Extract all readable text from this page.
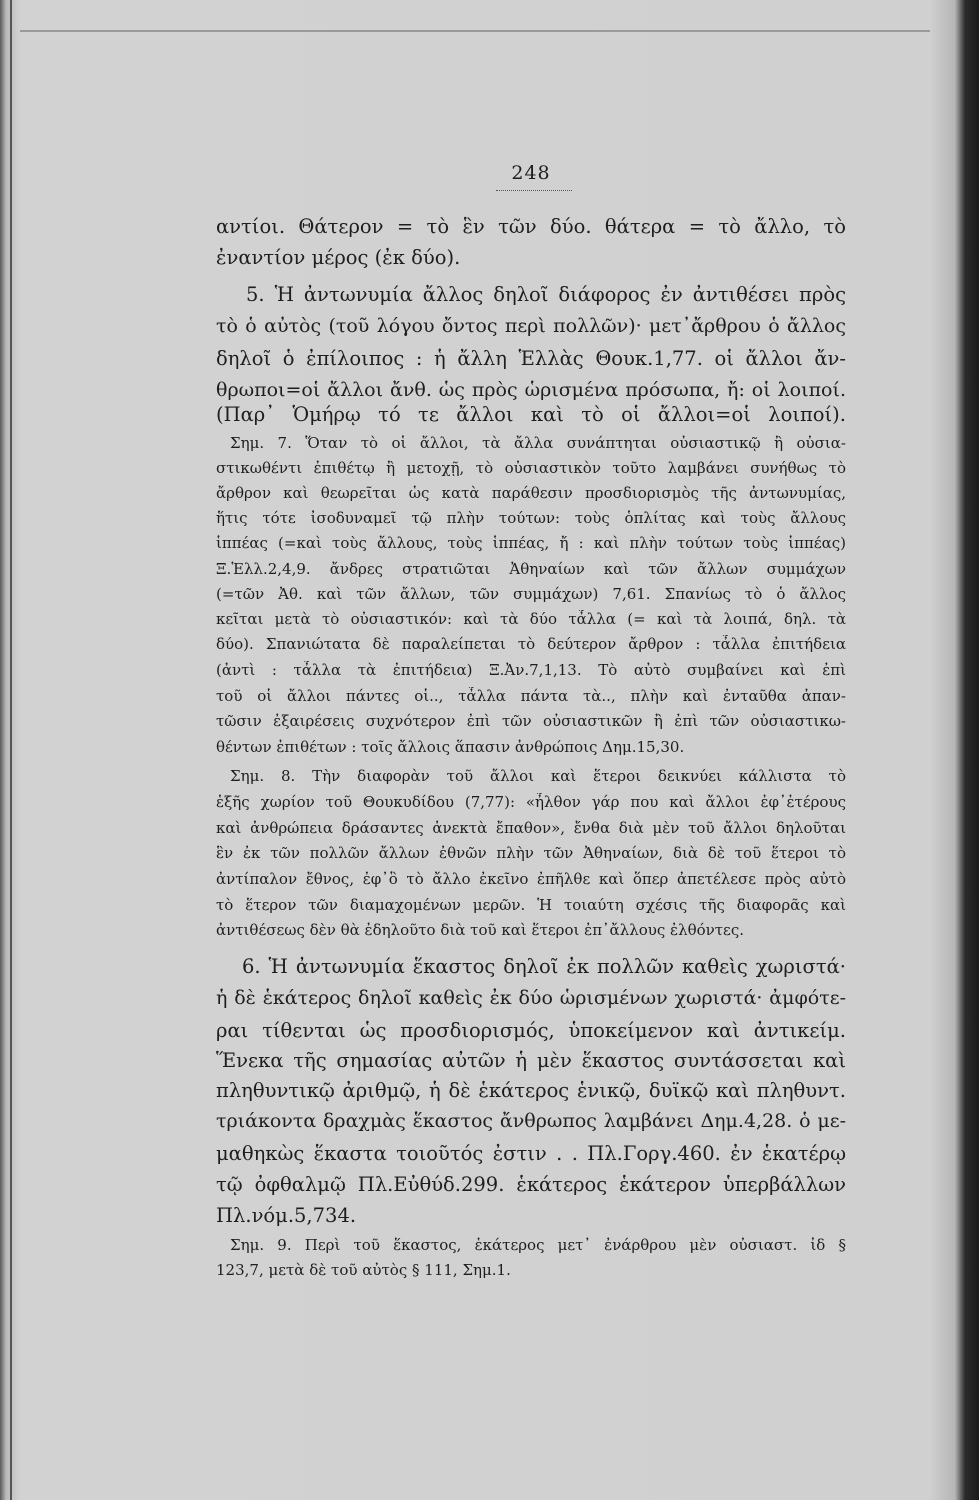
248
αντίοι. Θάτερον = τὸ ἓν τῶν δύο. θάτερα = τὸ ἄλλο, τὸ
ἐναντίον μέρος (ἐκ δύο).
5. Ἡ ἀντωνυμία ἄλλος δηλοῖ διάφορος ἐν ἀντιθέσει πρὸς
τὸ ὁ αὐτὸς (τοῦ λόγου ὄντος περὶ πολλῶν)· μετ᾽ἄρθρου ὁ ἄλλος
δηλοῖ ὁ ἐπίλοιπος : ἡ ἄλλη Ἑλλὰς Θουκ.1,77. οἱ ἄλλοι ἄν-
θρωποι=οἱ ἄλλοι ἄνθ. ὡς πρὸς ὡρισμένα πρόσωπα, ἤ: οἱ λοιποί.
(Παρ᾽ Ὁμήρῳ τό τε ἄλλοι καὶ τὸ οἱ ἄλλοι=οἱ λοιποί).
Σημ. 7. Ὅταν τὸ οἱ ἄλλοι, τὰ ἄλλα συνάπτηται οὐσιαστικῷ ἢ οὐσια-
στικωθέντι ἐπιθέτῳ ἢ μετοχῇ, τὸ οὐσιαστικὸν τοῦτο λαμβάνει συνήθως τὸ
ἄρθρον καὶ θεωρεῖται ὡς κατὰ παράθεσιν προσδιορισμὸς τῆς ἀντωνυμίας,
ἥτις τότε ἰσοδυναμεῖ τῷ πλὴν τούτων: τοὺς ὁπλίτας καὶ τοὺς ἄλλους
ἱππέας (=καὶ τοὺς ἄλλους, τοὺς ἱππέας, ἤ : καὶ πλὴν τούτων τοὺς ἱππέας)
Ξ.Ἑλλ.2,4,9. ἄνδρες στρατιῶται Ἀθηναίων καὶ τῶν ἄλλων συμμάχων
(=τῶν Ἀθ. καὶ τῶν ἄλλων, τῶν συμμάχων) 7,61. Σπανίως τὸ ὁ ἄλλος
κεῖται μετὰ τὸ οὐσιαστικόν: καὶ τὰ δύο τἆλλα (= καὶ τὰ λοιπά, δηλ. τὰ
δύο). Σπανιώτατα δὲ παραλείπεται τὸ δεύτερον ἄρθρον : τἆλλα ἐπιτήδεια
(ἀντὶ : τἆλλα τὰ ἐπιτήδεια) Ξ.Ἀν.7,1,13. Τὸ αὐτὸ συμβαίνει καὶ ἐπὶ
τοῦ οἱ ἄλλοι πάντες οἱ.., τἆλλα πάντα τὰ.., πλὴν καὶ ἐνταῦθα ἀπαν-
τῶσιν ἐξαιρέσεις συχνότερον ἐπὶ τῶν οὐσιαστικῶν ἢ ἐπὶ τῶν οὐσιαστικω-
θέντων ἐπιθέτων : τοῖς ἄλλοις ἅπασιν ἀνθρώποις Δημ.15,30.
Σημ. 8. Τὴν διαφορὰν τοῦ ἄλλοι καὶ ἕτεροι δεικνύει κάλλιστα τὸ
ἑξῆς χωρίον τοῦ Θουκυδίδου (7,77): «ἦλθον γάρ που καὶ ἄλλοι ἐφ᾽ἑτέρους
καὶ ἀνθρώπεια δράσαντες ἀνεκτὰ ἔπαθον», ἔνθα διὰ μὲν τοῦ ἄλλοι δηλοῦται
ἓν ἐκ τῶν πολλῶν ἄλλων ἐθνῶν πλὴν τῶν Ἀθηναίων, διὰ δὲ τοῦ ἕτεροι τὸ
ἀντίπαλον ἔθνος, ἐφ᾽ὃ τὸ ἄλλο ἐκεῖνο ἐπῆλθε καὶ ὅπερ ἀπετέλεσε πρὸς αὐτὸ
τὸ ἕτερον τῶν διαμαχομένων μερῶν. Ἡ τοιαύτη σχέσις τῆς διαφορᾶς καὶ
ἀντιθέσεως δὲν θὰ ἐδηλοῦτο διὰ τοῦ καὶ ἕτεροι ἐπ᾽ἄλλους ἐλθόντες.
6. Ἡ ἀντωνυμία ἕκαστος δηλοῖ ἐκ πολλῶν καθεὶς χωριστά·
ἡ δὲ ἑκάτερος δηλοῖ καθεὶς ἐκ δύο ὡρισμένων χωριστά· ἀμφότε-
ραι τίθενται ὡς προσδιορισμός, ὑποκείμενον καὶ ἀντικείμ.
Ἕνεκα τῆς σημασίας αὐτῶν ἡ μὲν ἕκαστος συντάσσεται καὶ
πληθυντικῷ ἀριθμῷ, ἡ δὲ ἑκάτερος ἑνικῷ, δυϊκῷ καὶ πληθυντ.
τριάκοντα δραχμὰς ἕκαστος ἄνθρωπος λαμβάνει Δημ.4,28. ὁ με-
μαθηκὼς ἕκαστα τοιοῦτός ἐστιν . . Πλ.Γοργ.460. ἐν ἑκατέρῳ
τῷ ὀφθαλμῷ Πλ.Εὐθύδ.299. ἑκάτερος ἑκάτερον ὑπερβάλλων
Πλ.νόμ.5,734.
Σημ. 9. Περὶ τοῦ ἕκαστος, ἑκάτερος μετ᾽ ἐνάρθρου μὲν οὐσιαστ. ἰδ §
123,7, μετὰ δὲ τοῦ αὐτὸς § 111, Σημ.1.
